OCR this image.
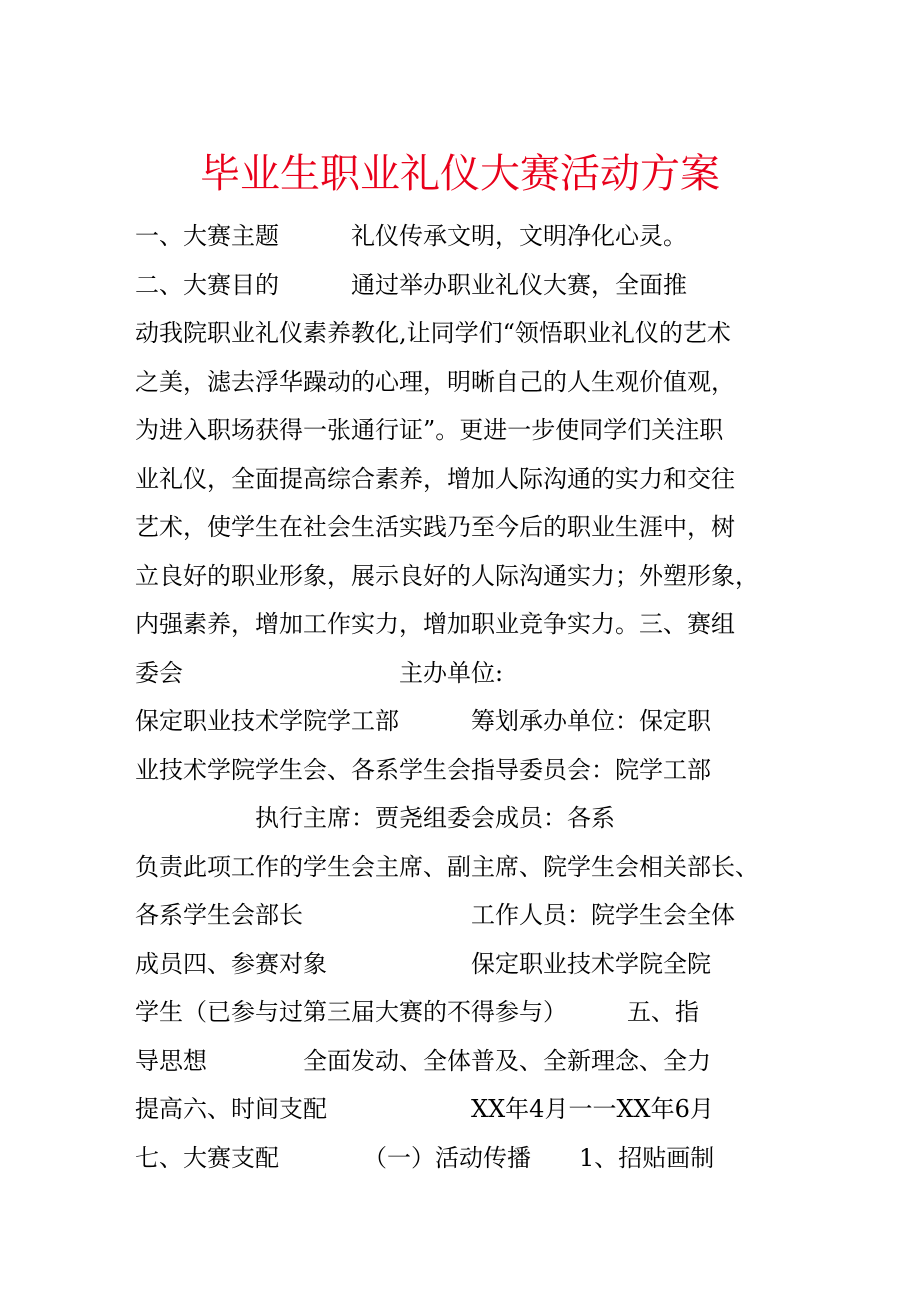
毕业生职业礼仪大赛活动方案
一、大赛主题　　　礼仪传承文明，文明净化心灵。
二、大赛目的　　　通过举办职业礼仪大赛，全面推
动我院职业礼仪素养教化,让同学们“领悟职业礼仪的艺术
之美，滤去浮华躁动的心理，明晰自己的人生观价值观，
为进入职场获得一张通行证”。更进一步使同学们关注职
业礼仪，全面提高综合素养，增加人际沟通的实力和交往
艺术，使学生在社会生活实践乃至今后的职业生涯中，树
立良好的职业形象，展示良好的人际沟通实力；外塑形象，
内强素养，增加工作实力，增加职业竞争实力。三、赛组
委会　　　　　　　　　主办单位:
保定职业技术学院学工部　　　筹划承办单位：保定职
业技术学院学生会、各系学生会指导委员会：院学工部
　　　　　执行主席：贾尧组委会成员：各系
负责此项工作的学生会主席、副主席、院学生会相关部长、
各系学生会部长　　　　　　　工作人员：院学生会全体
成员四、参赛对象　　　　　　保定职业技术学院全院
学生（已参与过第三届大赛的不得参与）　　　五、指
导思想　　　　全面发动、全体普及、全新理念、全力
提高六、时间支配　　　　　　XX年4月一一XX年6月
七、大赛支配　　　　（一）活动传播　　1、招贴画制
